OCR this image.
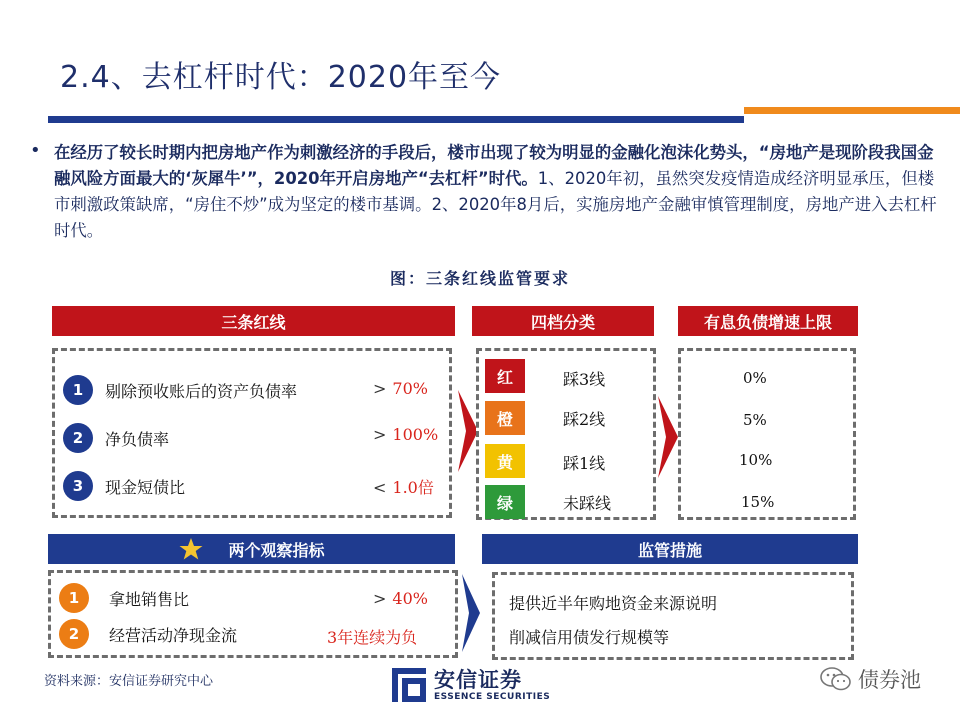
2.4、去杠杆时代：2020年至今
• 在经历了较长时期内把房地产作为刺激经济的手段后，楼市出现了较为明显的金融化泡沫化势头，“房地产是现阶段我国金融风险方面最大的‘灰犀牛’”，2020年开启房地产“去杠杆”时代。1、2020年初，虽然突发疫情造成经济明显承压，但楼市刺激政策缺席，“房住不炒”成为坚定的楼市基调。2、2020年8月后，实施房地产金融审慎管理制度，房地产进入去杠杆时代。

图：三条红线监管要求
三条红线
1	剔除预收账后的资产负债率	> 70%
2	净负债率	> 100%
3	现金短债比	< 1.0倍
四档分类
红	踩3线
橙	踩2线
黄	踩1线
绿	未踩线
有息负债增速上限
0%
5%
10%
15%
两个观察指标
1	拿地销售比	> 40%
2	经营活动净现金流	3年连续为负
监管措施
提供近半年购地资金来源说明
削减信用债发行规模等
资料来源：安信证券研究中心	安信证券
ESSENCE SECURITIES
债券池
